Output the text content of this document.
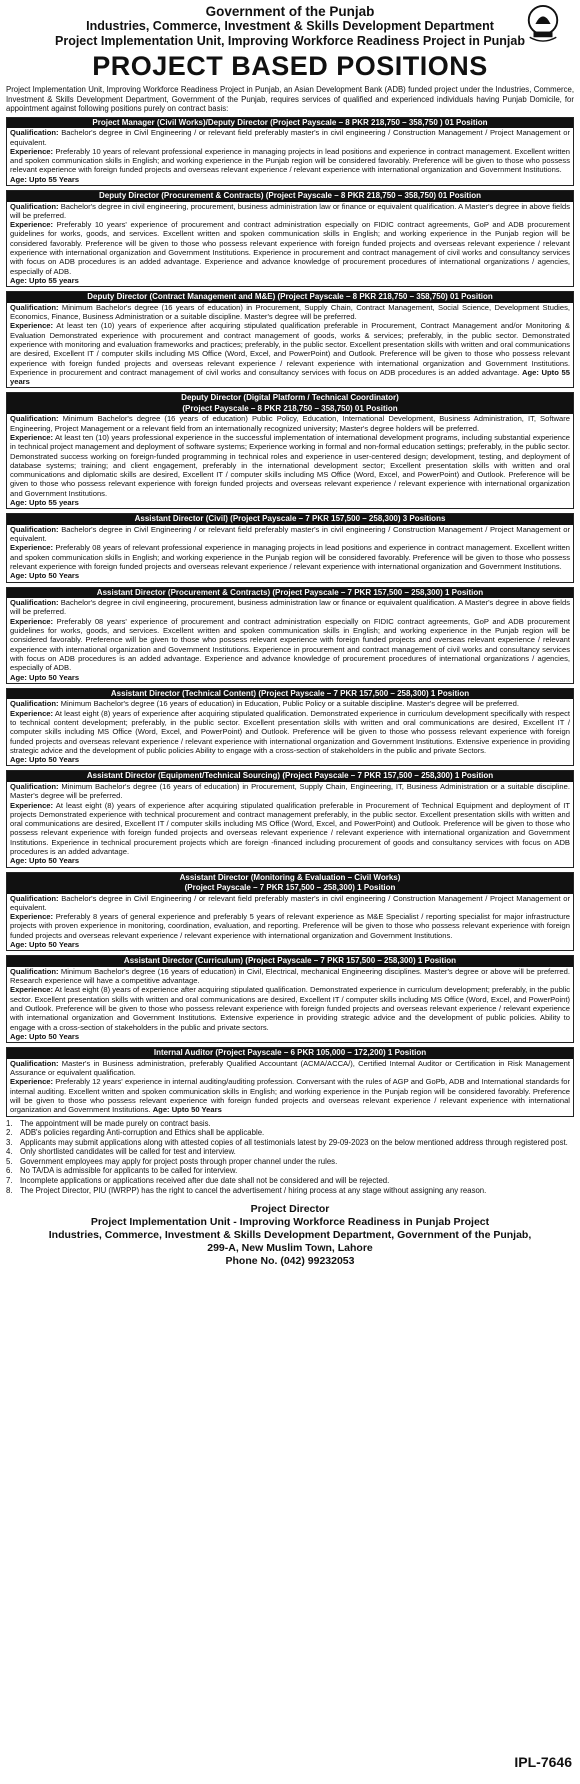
Government of the Punjab
Industries, Commerce, Investment & Skills Development Department
Project Implementation Unit, Improving Workforce Readiness Project in Punjab
PROJECT BASED POSITIONS
Project Implementation Unit, Improving Workforce Readiness Project in Punjab, an Asian Development Bank (ADB) funded project under the Industries, Commerce, Investment & Skills Development Department, Government of the Punjab, requires services of qualified and experienced individuals having Punjab Domicile, for appointment against following positions purely on contract basis:
Project Manager (Civil Works)/Deputy Director (Project Payscale – 8 PKR 218,750 – 358,750 ) 01 Position

Qualification: Bachelor's degree in Civil Engineering / or relevant field preferably master's in civil engineering / Construction Management / Project Management or equivalent.

Experience: Preferably 10 years of relevant professional experience in managing projects in lead positions and experience in contract management. Excellent written and spoken communication skills in English; and working experience in the Punjab region will be considered favorably. Preference will be given to those who possess relevant experience with foreign funded projects and overseas relevant experience / relevant experience with international organization and Government Institutions.

Age: Upto 55 Years

Deputy Director (Procurement & Contracts) (Project Payscale – 8 PKR 218,750 – 358,750) 01 Position

Qualification: Bachelor's degree in civil engineering, procurement, business administration law or finance or equivalent qualification. A Master's degree in above fields will be preferred.

Experience: Preferably 10 years' experience of procurement and contract administration especially on FIDIC contract agreements, GoP and ADB procurement guidelines for works, goods, and services. Excellent written and spoken communication skills in English; and working experience in the Punjab region will be considered favorably. Preference will be given to those who possess relevant experience with foreign funded projects and overseas relevant experience / relevant experience with international organization and Government Institutions. Experience in procurement and contract management of civil works and consultancy services with focus on ADB procedures is an added advantage. Experience and advance knowledge of procurement procedures of international organizations / agencies, especially of ADB.

Age: Upto 55 years

Deputy Director (Contract Management and M&E) (Project Payscale – 8 PKR 218,750 – 358,750) 01 Position

Qualification: Minimum Bachelor's degree (16 years of education) in Procurement, Supply Chain, Contract Management, Social Science, Development Studies, Economics, Finance, Business Administration or a suitable discipline. Master's degree will be preferred.

Experience: At least ten (10) years of experience after acquiring stipulated qualification preferable in Procurement, Contract Management and/or Monitoring & Evaluation Demonstrated experience with procurement and contract management of goods, works & services; preferably, in the public sector. Demonstrated experience with monitoring and evaluation frameworks and practices; preferably, in the public sector. Excellent presentation skills with written and oral communications are desired, Excellent IT / computer skills including MS Office (Word, Excel, and PowerPoint) and Outlook. Preference will be given to those who possess relevant experience with foreign funded projects and overseas relevant experience / relevant experience with international organization and Government Institutions. Experience in procurement and contract management of civil works and consultancy services with focus on ADB procedures is an added advantage. Age: Upto 55 years

Deputy Director (Digital Platform / Technical Coordinator)
(Project Payscale – 8 PKR 218,750 – 358,750) 01 Position

Qualification: Minimum Bachelor's degree (16 years of education) Public Policy, Education, International Development, Business Administration, IT, Software Engineering, Project Management or a relevant field from an internationally recognized university; Master's degree holders will be preferred.

Experience: At least ten (10) years professional experience in the successful implementation of international development programs, including substantial experience in technical project management and deployment of software systems; Experience working in formal and non-formal education settings; preferably, in the public sector. Demonstrated success working on foreign-funded programming in technical roles and experience in user-centered design; development, testing, and deployment of database systems; training; and client engagement, preferably in the international development sector; Excellent presentation skills with written and oral communications and diplomatic skills are desired, Excellent IT / computer skills including MS Office (Word, Excel, and PowerPoint) and Outlook. Preference will be given to those who possess relevant experience with foreign funded projects and overseas relevant experience / relevant experience with international organization and Government Institutions.

Age: Upto 55 years

Assistant Director (Civil) (Project Payscale – 7 PKR 157,500 – 258,300) 3 Positions

Qualification: Bachelor's degree in Civil Engineering / or relevant field preferably master's in civil engineering / Construction Management / Project Management or equivalent.

Experience: Preferably 08 years of relevant professional experience in managing projects in lead positions and experience in contract management. Excellent written and spoken communication skills in English; and working experience in the Punjab region will be considered favorably. Preference will be given to those who possess relevant experience with foreign funded projects and overseas relevant experience / relevant experience with international organization and Government Institutions.

Age: Upto 50 Years

Assistant Director (Procurement & Contracts) (Project Payscale – 7 PKR 157,500 – 258,300) 1 Position

Qualification: Bachelor's degree in civil engineering, procurement, business administration law or finance or equivalent qualification. A Master's degree in above fields will be preferred.

Experience: Preferably 08 years' experience of procurement and contract administration especially on FIDIC contract agreements, GoP and ADB procurement guidelines for works, goods, and services. Excellent written and spoken communication skills in English; and working experience in the Punjab region will be considered favorably. Preference will be given to those who possess relevant experience with foreign funded projects and overseas relevant experience / relevant experience with international organization and Government Institutions. Experience in procurement and contract management of civil works and consultancy services with focus on ADB procedures is an added advantage. Experience and advance knowledge of procurement procedures of international organizations / agencies, especially of ADB.

Age: Upto 50 Years

Assistant Director (Technical Content) (Project Payscale – 7 PKR 157,500 – 258,300) 1 Position

Qualification: Minimum Bachelor's degree (16 years of education) in Education, Public Policy or a suitable discipline. Master's degree will be preferred.

Experience: At least eight (8) years of experience after acquiring stipulated qualification. Demonstrated experience in curriculum development specifically with respect to technical content development; preferably, in the public sector. Excellent presentation skills with written and oral communications are desired, Excellent IT / computer skills including MS Office (Word, Excel, and PowerPoint) and Outlook. Preference will be given to those who possess relevant experience with foreign funded projects and overseas relevant experience / relevant experience with international organization and Government Institutions. Extensive experience in providing strategic advice and the development of public policies Ability to engage with a cross-section of stakeholders in the public and private Sectors.

Age: Upto 50 Years

Assistant Director (Equipment/Technical Sourcing) (Project Payscale – 7 PKR 157,500 – 258,300) 1 Position

Qualification: Minimum Bachelor's degree (16 years of education) in Procurement, Supply Chain, Engineering, IT, Business Administration or a suitable discipline. Master's degree will be preferred.

Experience: At least eight (8) years of experience after acquiring stipulated qualification preferable in Procurement of Technical Equipment and deployment of IT projects Demonstrated experience with technical procurement and contract management preferably, in the public sector. Excellent presentation skills with written and oral communications are desired, Excellent IT / computer skills including MS Office (Word, Excel, and PowerPoint) and Outlook. Preference will be given to those who possess relevant experience with foreign funded projects and overseas relevant experience / relevant experience with international organization and Government Institutions. Experience in technical procurement projects which are foreign -financed including procurement of goods and consultancy services with focus on ADB procedures is an added advantage.

Age: Upto 50 Years

Assistant Director (Monitoring & Evaluation – Civil Works)
(Project Payscale – 7 PKR 157,500 – 258,300) 1 Position

Qualification: Bachelor's degree in Civil Engineering / or relevant field preferably master's in civil engineering / Construction Management / Project Management or equivalent.

Experience: Preferably 8 years of general experience and preferably 5 years of relevant experience as M&E Specialist / reporting specialist for major infrastructure projects with proven experience in monitoring, coordination, evaluation, and reporting. Preference will be given to those who possess relevant experience with foreign funded projects and overseas relevant experience / relevant experience with international organization and Government Institutions.

Age: Upto 50 Years

Assistant Director (Curriculum) (Project Payscale – 7 PKR 157,500 – 258,300) 1 Position

Qualification: Minimum Bachelor's degree (16 years of education) in Civil, Electrical, mechanical Engineering disciplines. Master's degree or above will be preferred. Research experience will have a competitive advantage.

Experience: At least eight (8) years of experience after acquiring stipulated qualification. Demonstrated experience in curriculum development; preferably, in the public sector. Excellent presentation skills with written and oral communications are desired, Excellent IT / computer skills including MS Office (Word, Excel, and PowerPoint) and Outlook. Preference will be given to those who possess relevant experience with foreign funded projects and overseas relevant experience / relevant experience with international organization and Government Institutions. Extensive experience in providing strategic advice and the development of public policies. Ability to engage with a cross-section of stakeholders in the public and private sectors.

Age: Upto 50 Years

Internal Auditor (Project Payscale – 6 PKR 105,000 – 172,200) 1 Position

Qualification: Master's in Business administration, preferably Qualified Accountant (ACMA/ACCA/), Certified Internal Auditor or Certification in Risk Management Assurance or equivalent qualification.

Experience: Preferably 12 years' experience in internal auditing/auditing profession. Conversant with the rules of AGP and GoPb, ADB and International standards for internal auditing. Excellent written and spoken communication skills in English; and working experience in the Punjab region will be considered favorably. Preference will be given to those who possess relevant experience with foreign funded projects and overseas relevant experience / relevant experience with international organization and Government Institutions. Age: Upto 50 Years

1. The appointment will be made purely on contract basis.
2. ADB's policies regarding Anti-corruption and Ethics shall be applicable.
3. Applicants may submit applications along with attested copies of all testimonials latest by 29-09-2023 on the below mentioned address through registered post.
4. Only shortlisted candidates will be called for test and interview.
5. Government employees may apply for project posts through proper channel under the rules.
6. No TA/DA is admissible for applicants to be called for interview.
7. Incomplete applications or applications received after due date shall not be considered and will be rejected.
8. The Project Director, PIU (IWRPP) has the right to cancel the advertisement / hiring process at any stage without assigning any reason.
Project Director
Project Implementation Unit - Improving Workforce Readiness in Punjab Project
Industries, Commerce, Investment & Skills Development Department, Government of the Punjab,
299-A, New Muslim Town, Lahore
Phone No. (042) 99232053
IPL-7646
